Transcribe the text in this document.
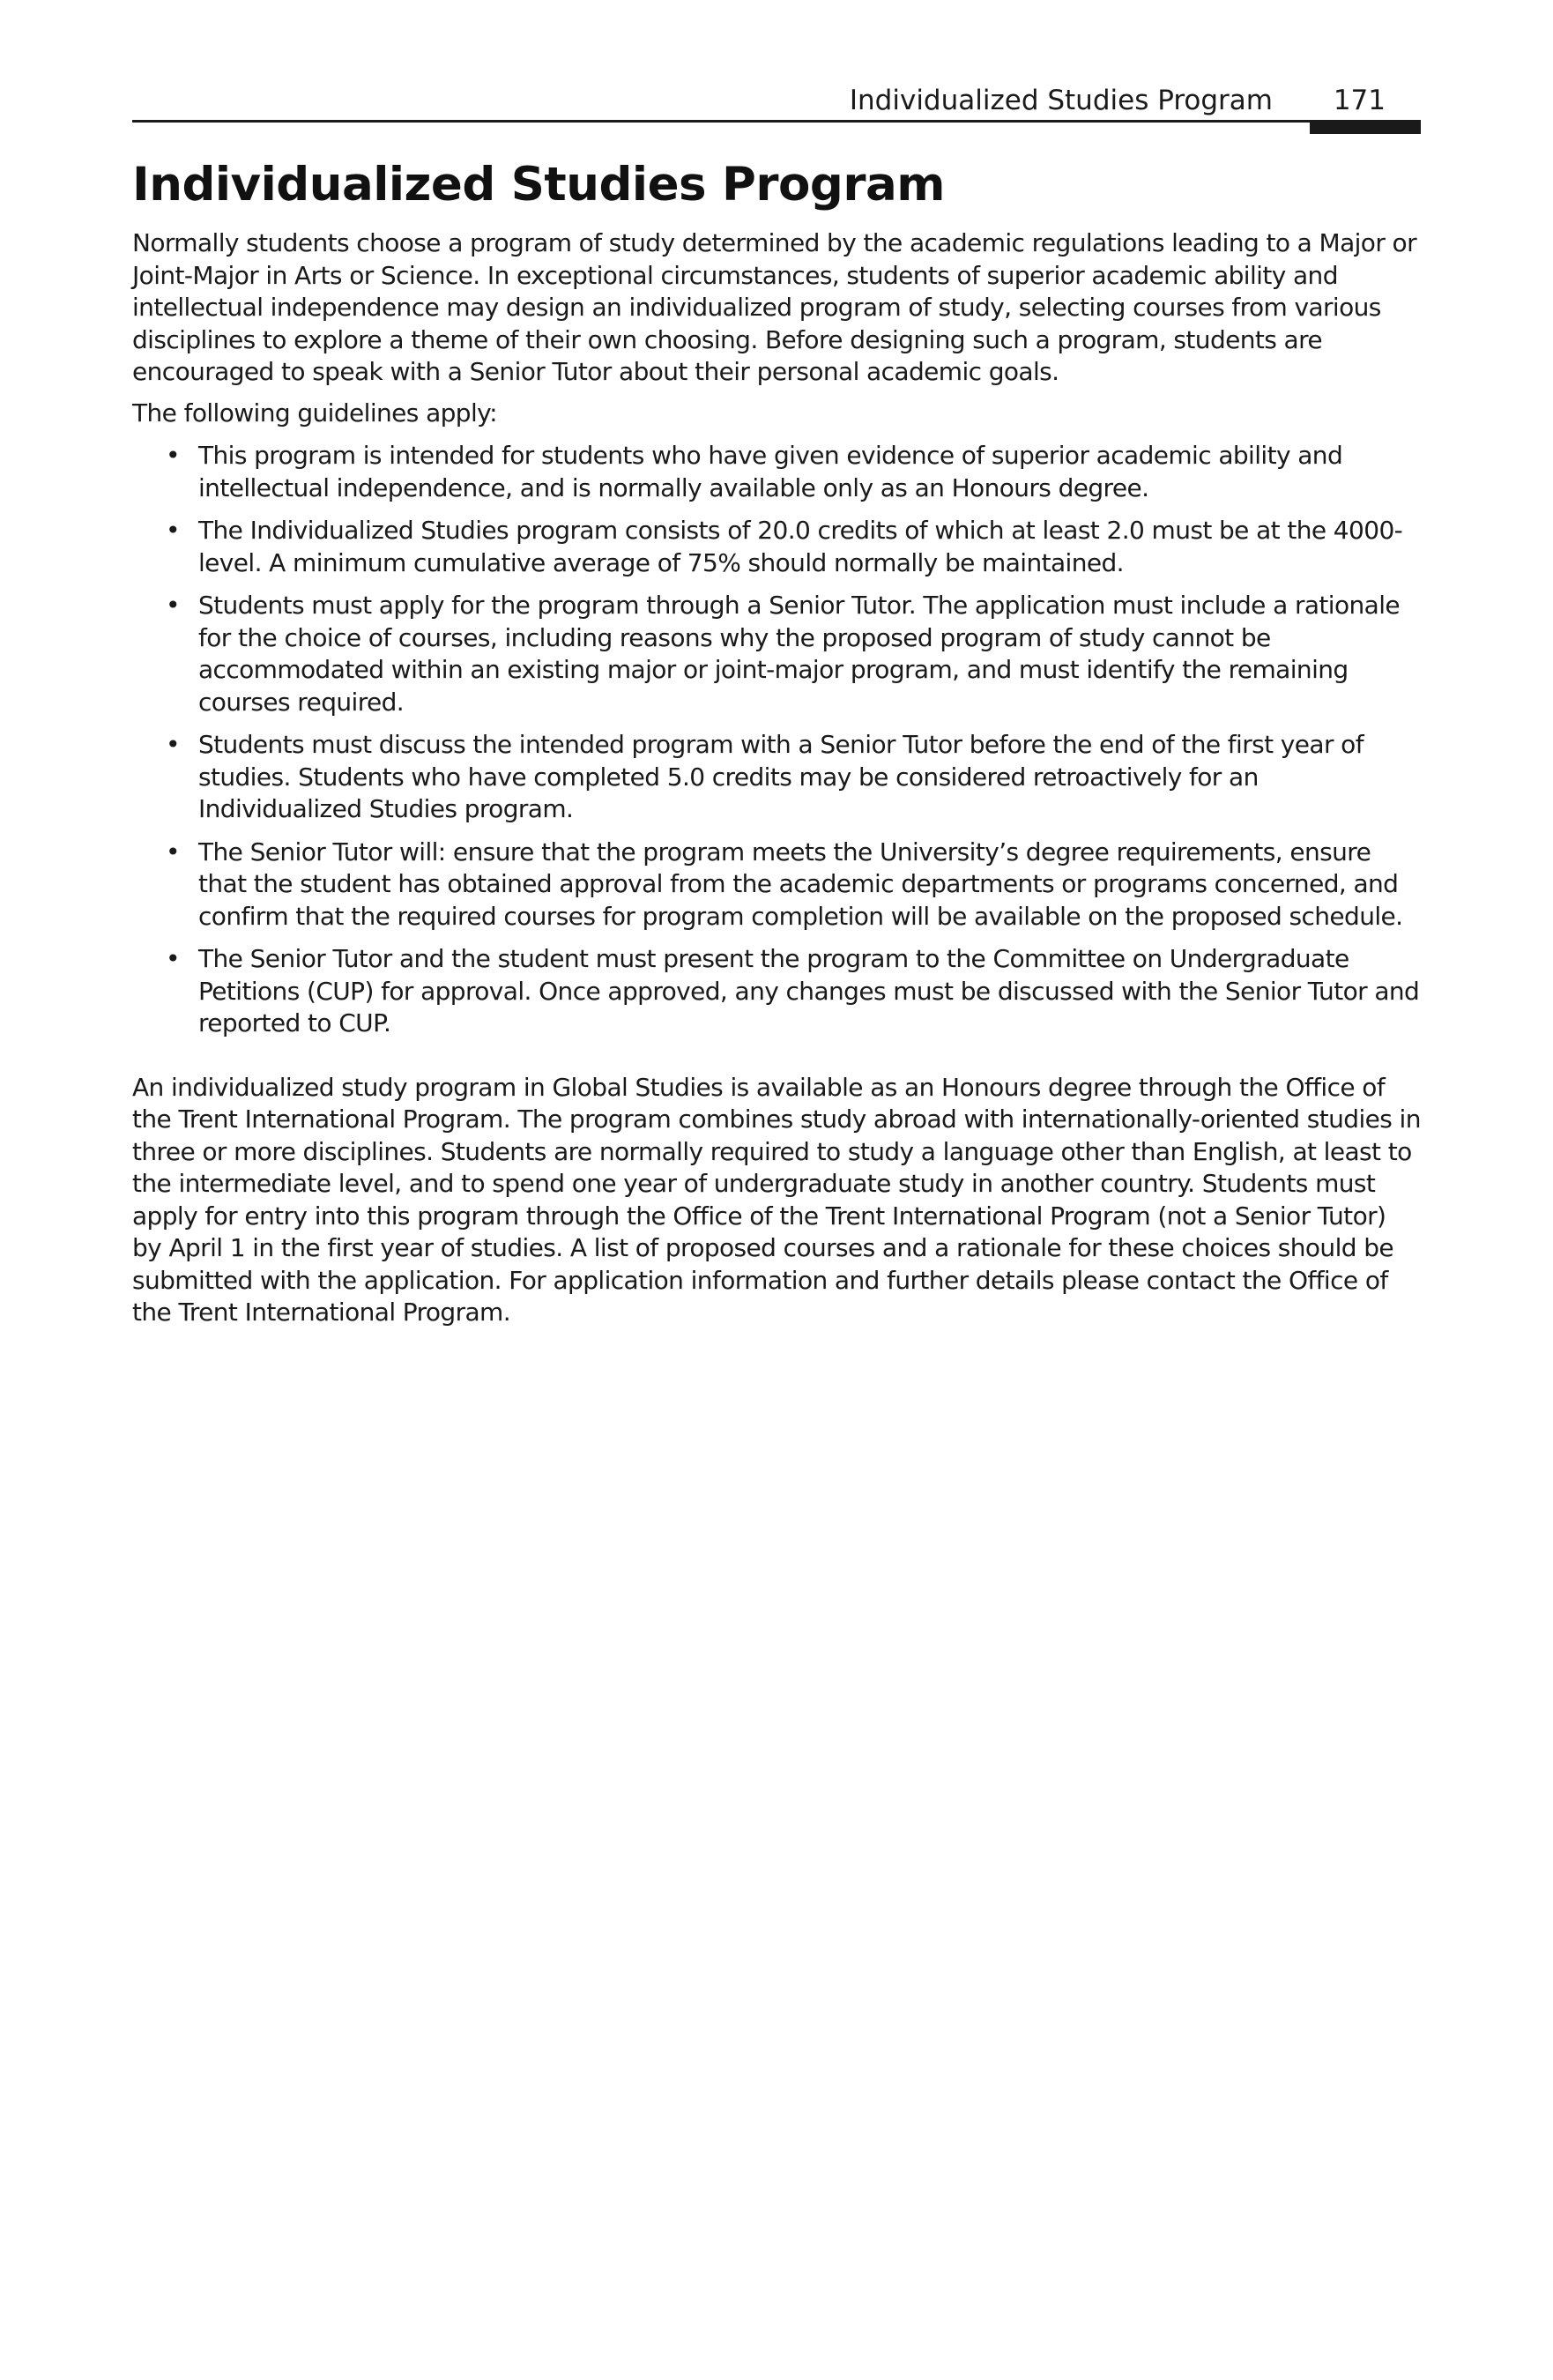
Individualized Studies Program 171
Individualized Studies Program

Normally students choose a program of study determined by the academic regulations leading to a Major or Joint-Major in Arts or Science. In exceptional circumstances, students of superior academic ability and intellectual independence may design an individualized program of study, selecting courses from various disciplines to explore a theme of their own choosing. Before designing such a program, students are encouraged to speak with a Senior Tutor about their personal academic goals.

The following guidelines apply:

• This program is intended for students who have given evidence of superior academic ability and intellectual independence, and is normally available only as an Honours degree.
• The Individualized Studies program consists of 20.0 credits of which at least 2.0 must be at the 4000-level. A minimum cumulative average of 75% should normally be maintained.
• Students must apply for the program through a Senior Tutor. The application must include a rationale for the choice of courses, including reasons why the proposed program of study cannot be accommodated within an existing major or joint-major program, and must identify the remaining courses required.
• Students must discuss the intended program with a Senior Tutor before the end of the first year of studies. Students who have completed 5.0 credits may be considered retroactively for an Individualized Studies program.
• The Senior Tutor will: ensure that the program meets the University’s degree requirements, ensure that the student has obtained approval from the academic departments or programs concerned, and confirm that the required courses for program completion will be available on the proposed schedule.
• The Senior Tutor and the student must present the program to the Committee on Undergraduate Petitions (CUP) for approval. Once approved, any changes must be discussed with the Senior Tutor and reported to CUP.

An individualized study program in Global Studies is available as an Honours degree through the Office of the Trent International Program. The program combines study abroad with internationally-oriented studies in three or more disciplines. Students are normally required to study a language other than English, at least to the intermediate level, and to spend one year of undergraduate study in another country. Students must apply for entry into this program through the Office of the Trent International Program (not a Senior Tutor) by April 1 in the first year of studies. A list of proposed courses and a rationale for these choices should be submitted with the application. For application information and further details please contact the Office of the Trent International Program.
